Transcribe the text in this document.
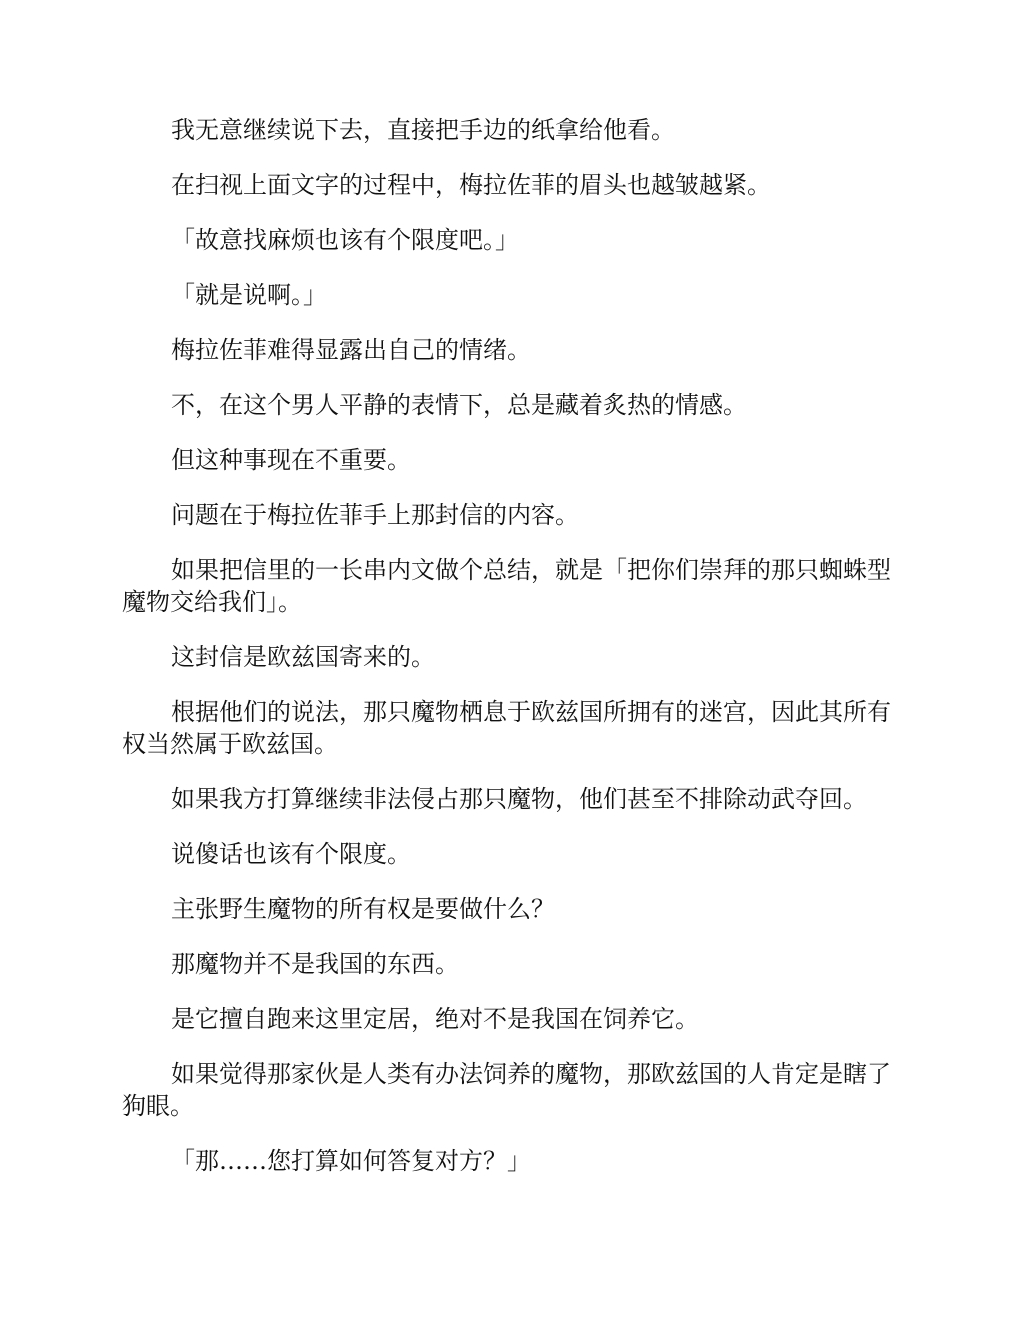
我无意继续说下去，直接把手边的纸拿给他看。

在扫视上面文字的过程中，梅拉佐菲的眉头也越皱越紧。

「故意找麻烦也该有个限度吧。」

「就是说啊。」

梅拉佐菲难得显露出自己的情绪。

不，在这个男人平静的表情下，总是藏着炙热的情感。

但这种事现在不重要。

问题在于梅拉佐菲手上那封信的内容。

如果把信里的一长串内文做个总结，就是「把你们崇拜的那只蜘蛛型魔物交给我们」。

这封信是欧兹国寄来的。

根据他们的说法，那只魔物栖息于欧兹国所拥有的迷宫，因此其所有权当然属于欧兹国。

如果我方打算继续非法侵占那只魔物，他们甚至不排除动武夺回。

说傻话也该有个限度。

主张野生魔物的所有权是要做什么？

那魔物并不是我国的东西。

是它擅自跑来这里定居，绝对不是我国在饲养它。

如果觉得那家伙是人类有办法饲养的魔物，那欧兹国的人肯定是瞎了狗眼。

「那……您打算如何答复对方？」
